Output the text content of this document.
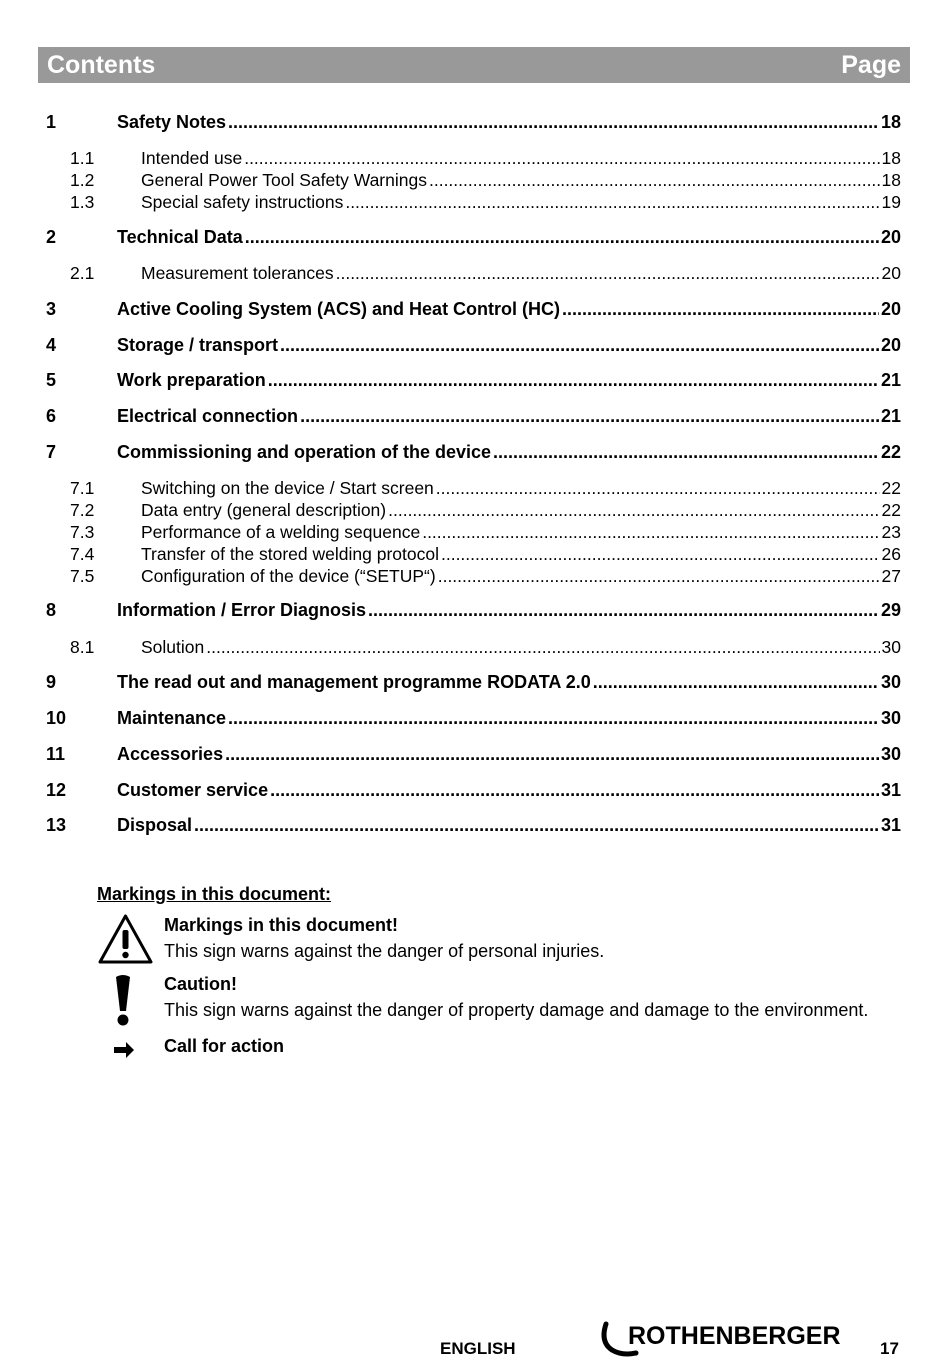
Contents	Page
1	Safety Notes .....	18
1.1	Intended use .....	18
1.2	General Power Tool Safety Warnings .....	18
1.3	Special safety instructions .....	19
2	Technical Data .....	20
2.1	Measurement tolerances .....	20
3	Active Cooling System (ACS) and Heat Control (HC) .....	20
4	Storage / transport .....	20
5	Work preparation .....	21
6	Electrical connection .....	21
7	Commissioning and operation of the device .....	22
7.1	Switching on the device / Start screen .....	22
7.2	Data entry (general description) .....	22
7.3	Performance of a welding sequence .....	23
7.4	Transfer of the stored welding protocol .....	26
7.5	Configuration of the device (“SETUP“) .....	27
8	Information / Error Diagnosis .....	29
8.1	Solution .....	30
9	The read out and management programme RODATA 2.0 .....	30
10	Maintenance .....	30
11	Accessories .....	30
12	Customer service .....	31
13	Disposal .....	31
Markings in this document:
Markings in this document!
This sign warns against the danger of personal injuries.
Caution!
This sign warns against the danger of property damage and damage to the environment.
Call for action
ENGLISH	ROTHENBERGER 17
